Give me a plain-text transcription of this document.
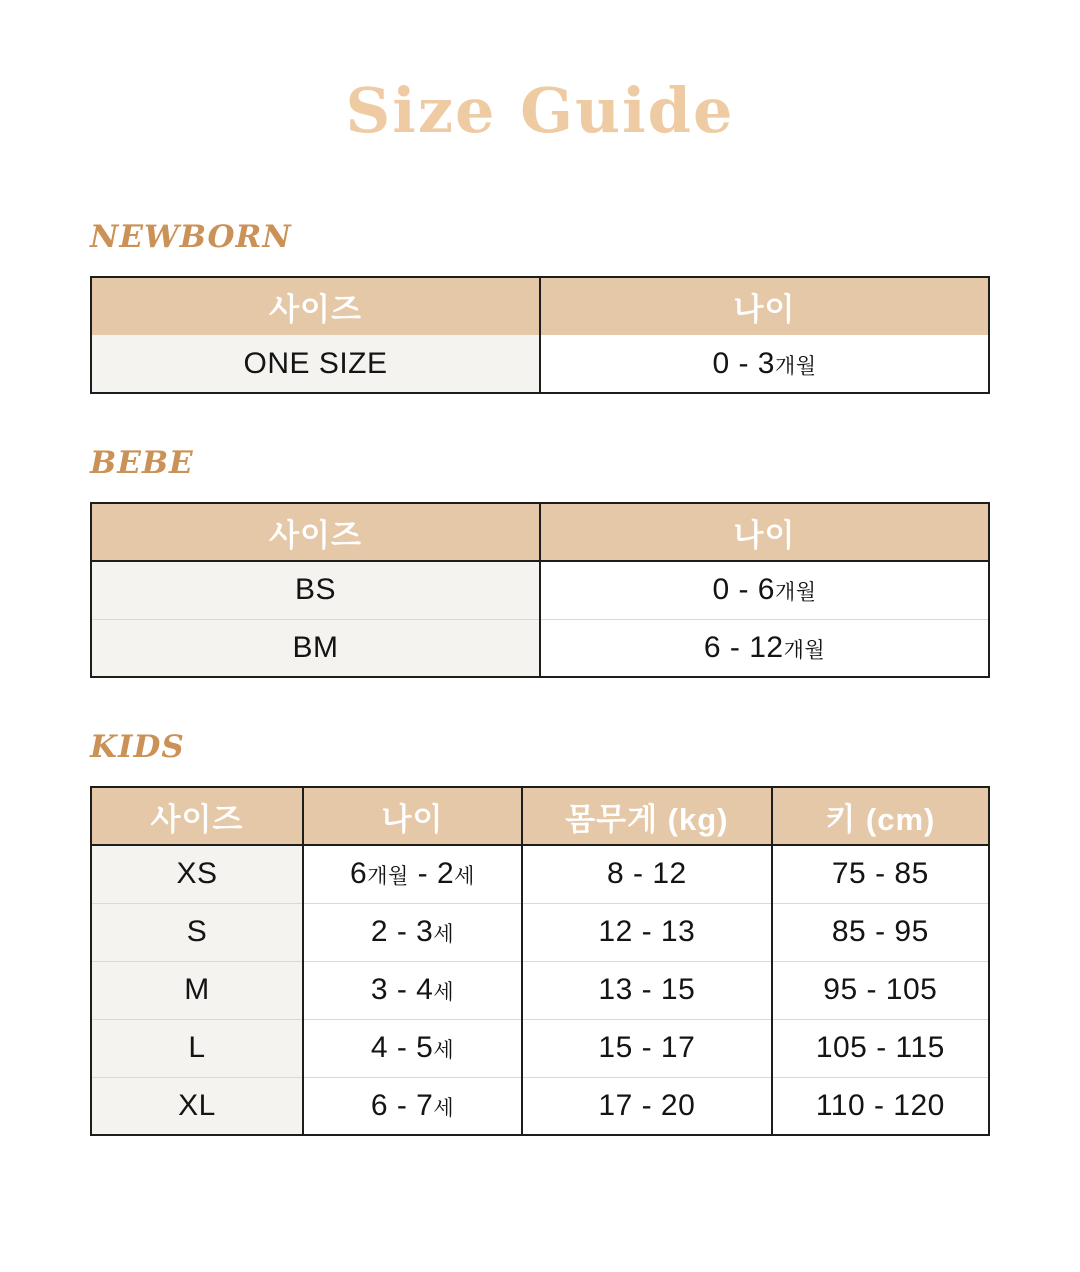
Size Guide
NEWBORN
사이즈	나이
ONE SIZE	0 - 3개월
BEBE
사이즈	나이
BS	0 - 6개월
BM	6 - 12개월
KIDS
사이즈	나이	몸무게 (kg)	키 (cm)
XS	6개월 - 2세	8 - 12	75 - 85
S	2 - 3세	12 - 13	85 - 95
M	3 - 4세	13 - 15	95 - 105
L	4 - 5세	15 - 17	105 - 115
XL	6 - 7세	17 - 20	110 - 120
